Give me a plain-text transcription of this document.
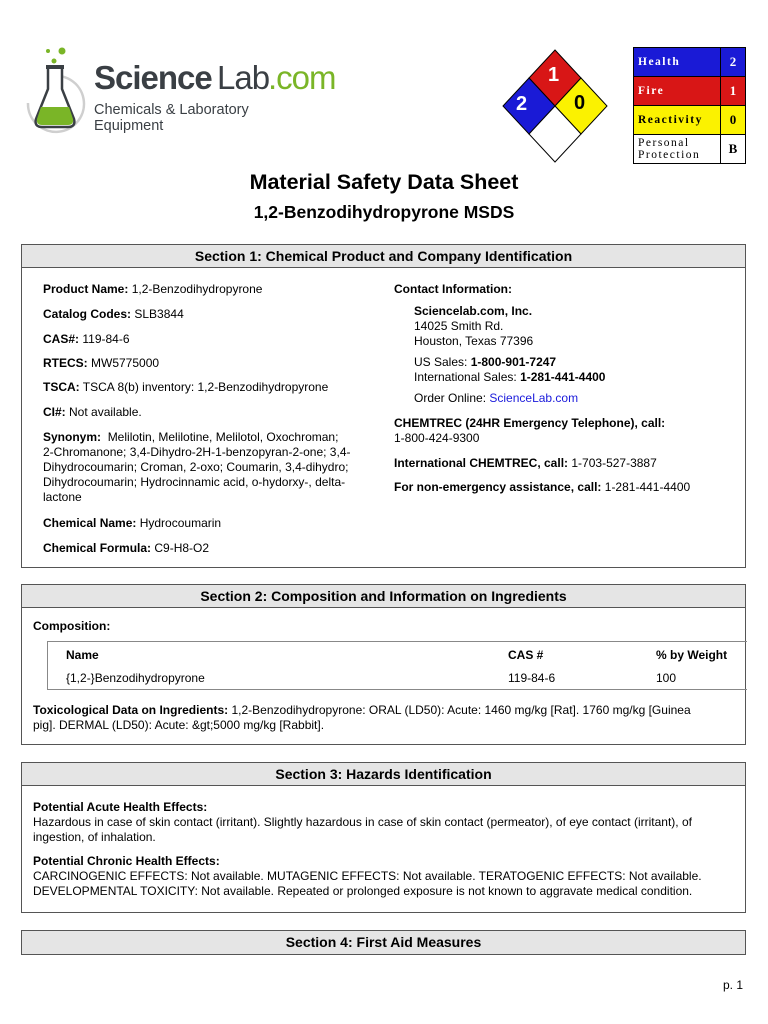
Science Lab
.com
Chemicals & Laboratory Equipment
1
2 0
Health	2
Fire	1
Reactivity	0
Personal
Protection	B
Material Safety Data Sheet
1,2-Benzodihydropyrone MSDS
Section 1: Chemical Product and Company Identification
Product Name: 1,2-Benzodihydropyrone
Catalog Codes: SLB3844
CAS#: 119-84-6
RTECS: MW5775000
TSCA: TSCA 8(b) inventory: 1,2-Benzodihydropyrone
CI#: Not available.
Synonym: Melilotin, Melilotine, Melilotol, Oxochroman;
2-Chromanone; 3,4-Dihydro-2H-1-benzopyran-2-one; 3,4-
Dihydrocoumarin; Croman, 2-oxo; Coumarin, 3,4-dihydro;
Dihydrocoumarin; Hydrocinnamic acid, o-hydorxy-, delta-
lactone
Chemical Name: Hydrocoumarin
Chemical Formula: C9-H8-O2
Contact Information:
Sciencelab.com, Inc.
14025 Smith Rd.
Houston, Texas 77396
US Sales: 1-800-901-7247
International Sales: 1-281-441-4400
Order Online: ScienceLab.com
CHEMTREC (24HR Emergency Telephone), call:
1-800-424-9300
International CHEMTREC, call: 1-703-527-3887
For non-emergency assistance, call: 1-281-441-4400
Section 2: Composition and Information on Ingredients
Composition:
Name	CAS #	% by Weight
{1,2-}Benzodihydropyrone	119-84-6	100
Toxicological Data on Ingredients: 1,2-Benzodihydropyrone: ORAL (LD50): Acute: 1460 mg/kg [Rat]. 1760 mg/kg [Guinea
pig]. DERMAL (LD50): Acute: &gt;5000 mg/kg [Rabbit].
Section 3: Hazards Identification
Potential Acute Health Effects:
Hazardous in case of skin contact (irritant). Slightly hazardous in case of skin contact (permeator), of eye contact (irritant), of
ingestion, of inhalation.
Potential Chronic Health Effects:
CARCINOGENIC EFFECTS: Not available. MUTAGENIC EFFECTS: Not available. TERATOGENIC EFFECTS: Not available.
DEVELOPMENTAL TOXICITY: Not available. Repeated or prolonged exposure is not known to aggravate medical condition.
Section 4: First Aid Measures
p. 1
